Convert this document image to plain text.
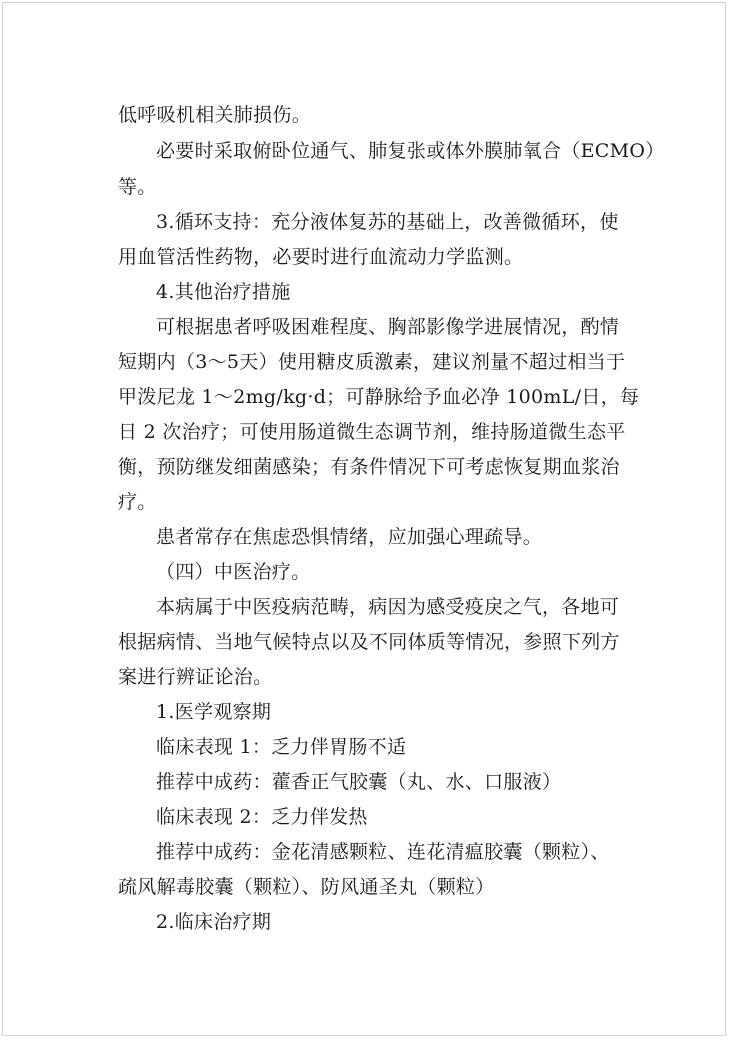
低呼吸机相关肺损伤。

必要时采取俯卧位通气、肺复张或体外膜肺氧合（ECMO）

等。

3.循环支持：充分液体复苏的基础上，改善微循环，使

用血管活性药物，必要时进行血流动力学监测。

4.其他治疗措施

可根据患者呼吸困难程度、胸部影像学进展情况，酌情

短期内（3～5天）使用糖皮质激素，建议剂量不超过相当于

甲泼尼龙 1～2mg/kg·d；可静脉给予血必净 100mL/日，每

日 2 次治疗；可使用肠道微生态调节剂，维持肠道微生态平

衡，预防继发细菌感染；有条件情况下可考虑恢复期血浆治

疗。

患者常存在焦虑恐惧情绪，应加强心理疏导。

（四）中医治疗。

本病属于中医疫病范畴，病因为感受疫戾之气，各地可

根据病情、当地气候特点以及不同体质等情况，参照下列方

案进行辨证论治。

1.医学观察期

临床表现 1：乏力伴胃肠不适

推荐中成药：藿香正气胶囊（丸、水、口服液）

临床表现 2：乏力伴发热

推荐中成药：金花清感颗粒、连花清瘟胶囊（颗粒）、

疏风解毒胶囊（颗粒）、防风通圣丸（颗粒）

2.临床治疗期
